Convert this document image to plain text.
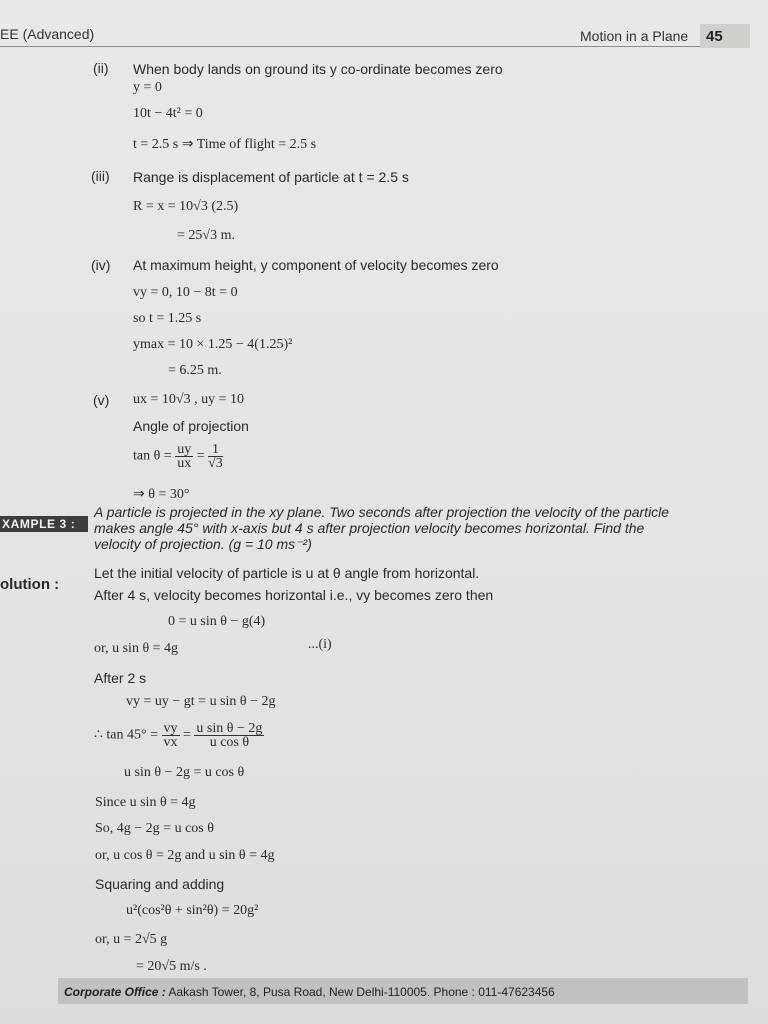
EE (Advanced)	Motion in a Plane 45
(ii) When body lands on ground its y co-ordinate becomes zero
y = 0
10t − 4t² = 0
t = 2.5 s ⇒ Time of flight = 2.5 s
(iii) Range is displacement of particle at t = 2.5 s
R = x = 10√3 (2.5)
= 25√3 m.
(iv) At maximum height, y component of velocity becomes zero
vy = 0, 10 − 8t = 0
so t = 1.25 s
ymax = 10 × 1.25 − 4(1.25)²
= 6.25 m.
(v) ux = 10√3 , uy = 10
Angle of projection
$\tan \theta = \frac{uy}{ux} = \frac{1}{√3}$
⇒ θ = 30°
XAMPLE 3 :
A particle is projected in the xy plane. Two seconds after projection the velocity of the particle makes angle 45° with x-axis but 4 s after projection velocity becomes horizontal. Find the velocity of projection. (g = 10 ms⁻²)
olution :
Let the initial velocity of particle is u at θ angle from horizontal.
After 4 s, velocity becomes horizontal i.e., vy becomes zero then
0 = u sin θ − g(4)
or, u sin θ = 4g	...(i)
After 2 s
vy = uy − gt = u sin θ − 2g
∴ $\tan 45^\circ = \frac{vy}{vx} = \frac{\text{u sin θ − 2g}}{\text{u cos θ}}$
u sin θ − 2g = u cos θ
Since u sin θ = 4g
So, 4g − 2g = u cos θ
or, u cos θ = 2g and u sin θ = 4g
Squaring and adding
u²(cos²θ + sin²θ) = 20g²
or, u = 2√5 g
= 20√5 m/s .
Corporate Office : Aakash Tower, 8, Pusa Road, New Delhi-110005. Phone : 011-47623456
